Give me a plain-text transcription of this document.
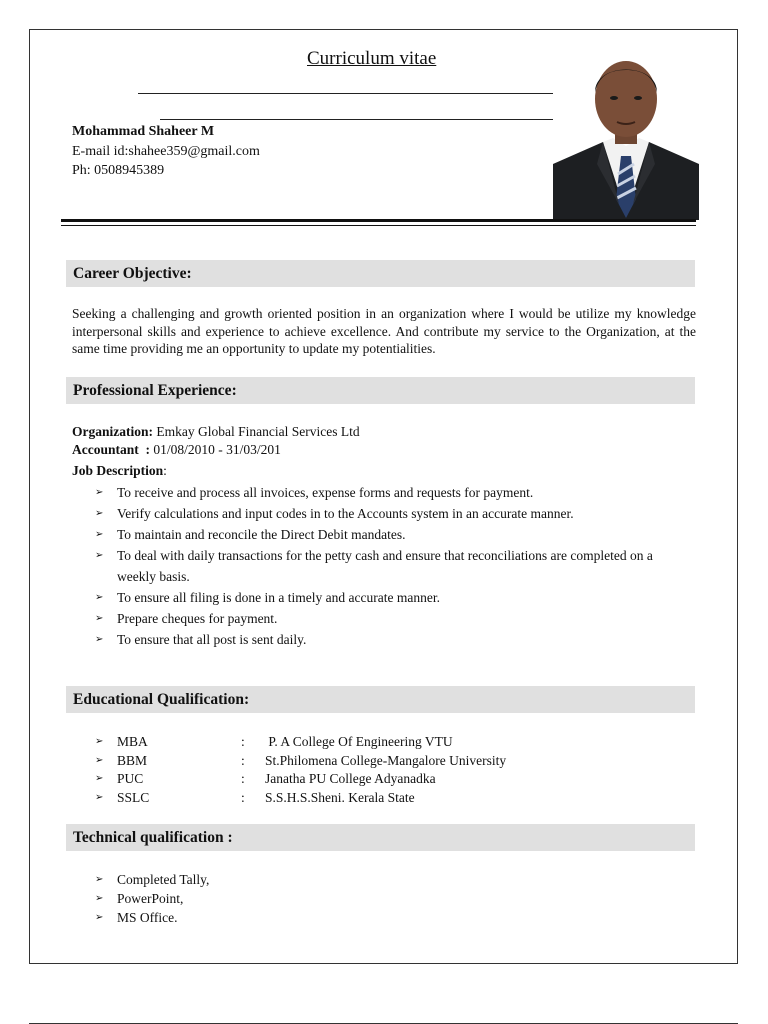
Curriculum vitae
Mohammad Shaheer M
E-mail id:shahee359@gmail.com
Ph: 0508945389
Career Objective:
Seeking a challenging and growth oriented position in an organization where I would be utilize my knowledge interpersonal skills and experience to achieve excellence. And contribute my service to the Organization, at the same time providing me an opportunity to update my potentialities.
Professional Experience:
Organization: Emkay Global Financial Services Ltd
Accountant  : 01/08/2010 - 31/03/201
Job Description:
➢ To receive and process all invoices, expense forms and requests for payment.
➢ Verify calculations and input codes in to the Accounts system in an accurate manner.
➢ To maintain and reconcile the Direct Debit mandates.
➢ To deal with daily transactions for the petty cash and ensure that reconciliations are completed on a weekly basis.
➢ To ensure all filing is done in a timely and accurate manner.
➢ Prepare cheques for payment.
➢ To ensure that all post is sent daily.
Educational Qualification:
➢ MBA	: P. A College Of Engineering VTU
➢ BBM	: St.Philomena College-Mangalore University
➢ PUC	: Janatha PU College Adyanadka
➢ SSLC	: S.S.H.S.Sheni. Kerala State
Technical qualification :
➢ Completed Tally,
➢ PowerPoint,
➢ MS Office.
